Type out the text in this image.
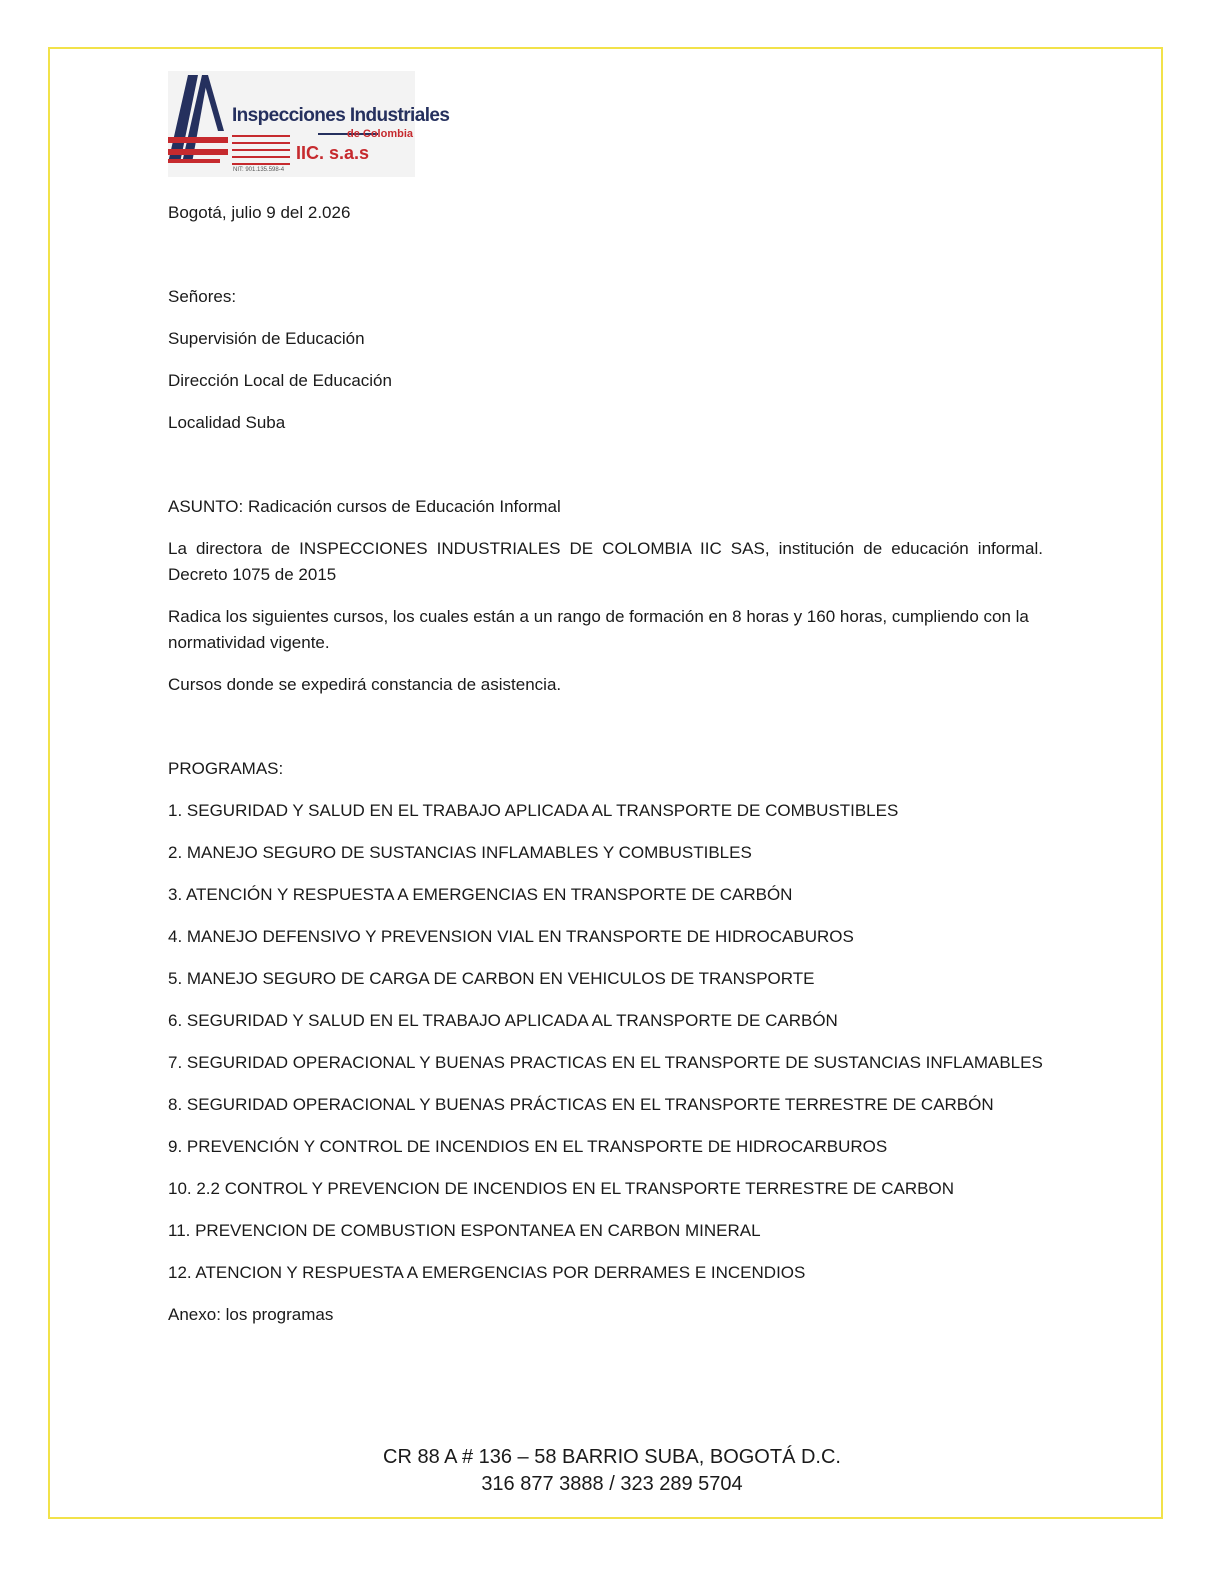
Inspecciones Industriales
de Colombia
IIC. s.a.s
NIT: 901.135.598-4

Bogotá, julio 9 del 2.026

Señores:

Supervisión de Educación

Dirección Local de Educación

Localidad Suba

ASUNTO: Radicación cursos de Educación Informal

La directora de INSPECCIONES INDUSTRIALES DE COLOMBIA IIC SAS, institución de educación informal. Decreto 1075 de 2015

Radica los siguientes cursos, los cuales están a un rango de formación en 8 horas y 160 horas, cumpliendo con la normatividad vigente.

Cursos donde se expedirá constancia de asistencia.

PROGRAMAS:

1. SEGURIDAD Y SALUD EN EL TRABAJO APLICADA AL TRANSPORTE DE COMBUSTIBLES
2. MANEJO SEGURO DE SUSTANCIAS INFLAMABLES Y COMBUSTIBLES
3. ATENCIÓN Y RESPUESTA A EMERGENCIAS EN TRANSPORTE DE CARBÓN
4. MANEJO DEFENSIVO Y PREVENSION VIAL EN TRANSPORTE DE HIDROCABUROS
5. MANEJO SEGURO DE CARGA DE CARBON EN VEHICULOS DE TRANSPORTE
6. SEGURIDAD Y SALUD EN EL TRABAJO APLICADA AL TRANSPORTE DE CARBÓN
7. SEGURIDAD OPERACIONAL Y BUENAS PRACTICAS EN EL TRANSPORTE DE SUSTANCIAS INFLAMABLES
8. SEGURIDAD OPERACIONAL Y BUENAS PRÁCTICAS EN EL TRANSPORTE TERRESTRE DE CARBÓN
9. PREVENCIÓN Y CONTROL DE INCENDIOS EN EL TRANSPORTE DE HIDROCARBUROS
10. 2.2 CONTROL Y PREVENCION DE INCENDIOS EN EL TRANSPORTE TERRESTRE DE CARBON
11. PREVENCION DE COMBUSTION ESPONTANEA EN CARBON MINERAL
12. ATENCION Y RESPUESTA A EMERGENCIAS POR DERRAMES E INCENDIOS

Anexo: los programas

CR 88 A # 136 – 58 BARRIO SUBA, BOGOTÁ D.C.

316 877 3888 / 323 289 5704
